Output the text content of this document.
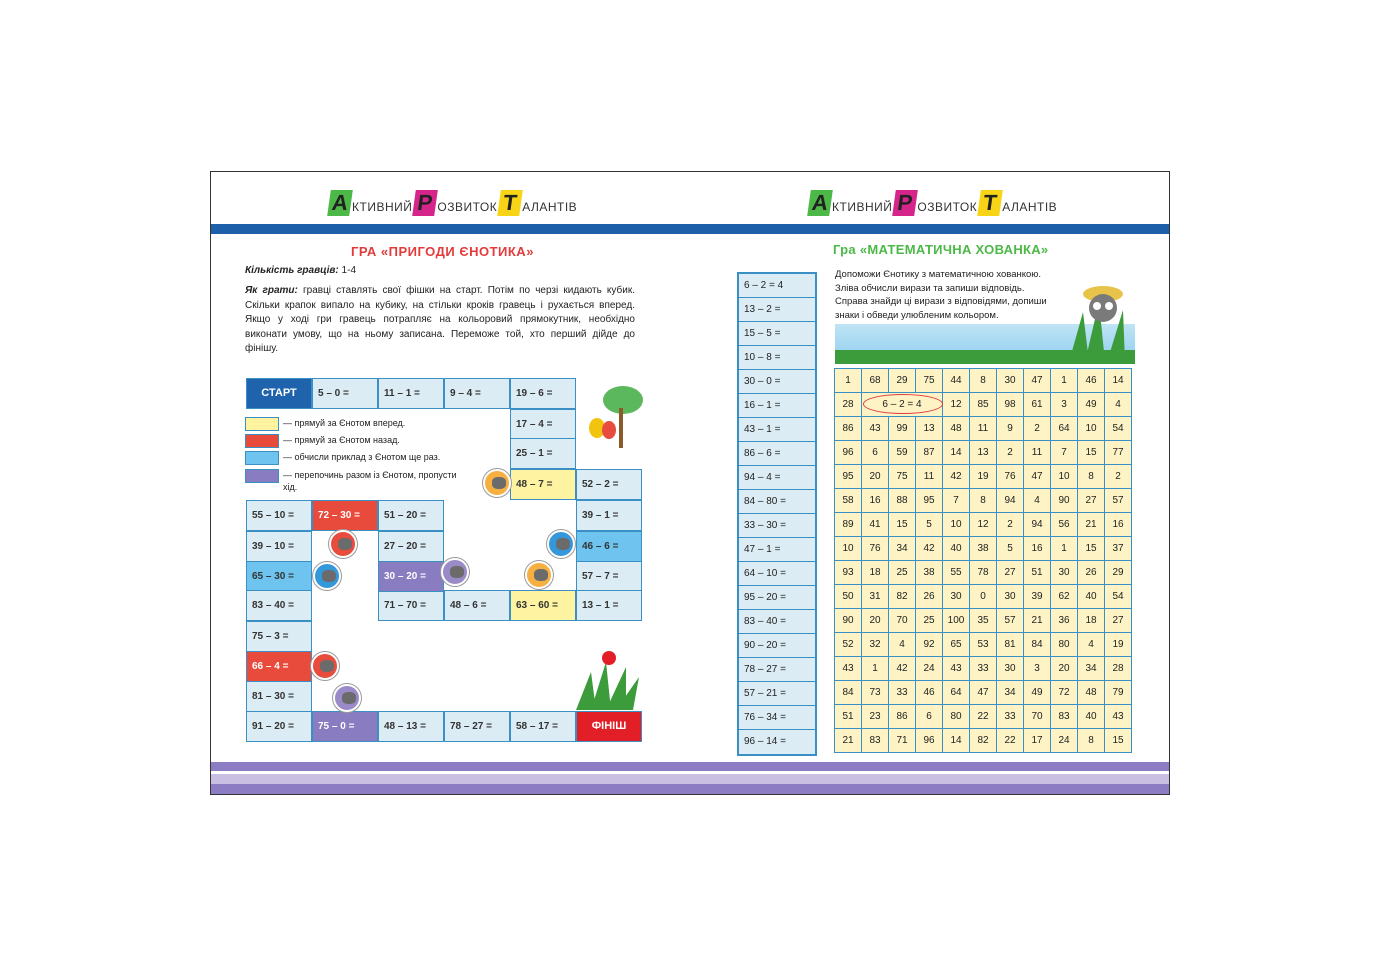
А КТИВНИЙ Р ОЗВИТОК Т АЛАНТІВ	А КТИВНИЙ Р ОЗВИТОК Т АЛАНТІВ
ГРА «ПРИГОДИ ЄНОТИКА»
Кількість гравців: 1-4
Як грати: гравці ставлять свої фішки на старт. Потім по черзі кидають кубик. Скільки крапок випало на кубику, на стільки кроків гравець і рухається вперед. Якщо у ході гри гравець потрапляє на кольоровий прямокутник, необхідно виконати умову, що на ньому записана. Переможе той, хто перший дійде до фінішу.
СТАРТ	5 – 0 =	11 – 1 =	9 – 4 =	19 – 6 =
17 – 4 =
25 – 1 =
48 – 7 =	52 – 2 =
39 – 1 =
46 – 6 =
57 – 7 =
13 – 1 =
63 – 60 =
48 – 6 =
71 – 70 =
30 – 20 =
27 – 20 =
51 – 20 =
72 – 30 =
55 – 10 =
39 – 10 =
65 – 30 =
83 – 40 =
75 – 3 =
66 – 4 =
81 – 30 =
91 – 20 =	75 – 0 =	48 – 13 =	78 – 27 =	58 – 17 =	ФІНІШ
— прямуй за Єнотом вперед.
— прямуй за Єнотом назад.
— обчисли приклад з Єнотом ще раз.
— перепочинь разом із Єнотом, пропусти хід.
Гра «МАТЕМАТИЧНА ХОВАНКА»
Допоможи Єнотику з математичною хованкою. Зліва обчисли вирази та запиши відповідь. Справа знайди ці вирази з відповідями, допиши знаки і обведи улюбленим кольором.
6 – 2 = 4
13 – 2 =
15 – 5 =
10 – 8 =
30 – 0 =
16 – 1 =
43 – 1 =
86 – 6 =
94 – 4 =
84 – 80 =
33 – 30 =
47 – 1 =
64 – 10 =
95 – 20 =
83 – 40 =
90 – 20 =
78 – 27 =
57 – 21 =
76 – 34 =
96 – 14 =
1	68	29	75	44	8	30	47	1	46	14
28	6 – 2 = 4			12	85	98	61	3	49	4
86	43	99	13	48	11	9	2	64	10	54
96	6	59	87	14	13	2	11	7	15	77
95	20	75	11	42	19	76	47	10	8	2
58	16	88	95	7	8	94	4	90	27	57
89	41	15	5	10	12	2	94	56	21	16
10	76	34	42	40	38	5	16	1	15	37
93	18	25	38	55	78	27	51	30	26	29
50	31	82	26	30	0	30	39	62	40	54
90	20	70	25	100	35	57	21	36	18	27
52	32	4	92	65	53	81	84	80	4	19
43	1	42	24	43	33	30	3	20	34	28
84	73	33	46	64	47	34	49	72	48	79
51	23	86	6	80	22	33	70	83	40	43
21	83	71	96	14	82	22	17	24	8	15
